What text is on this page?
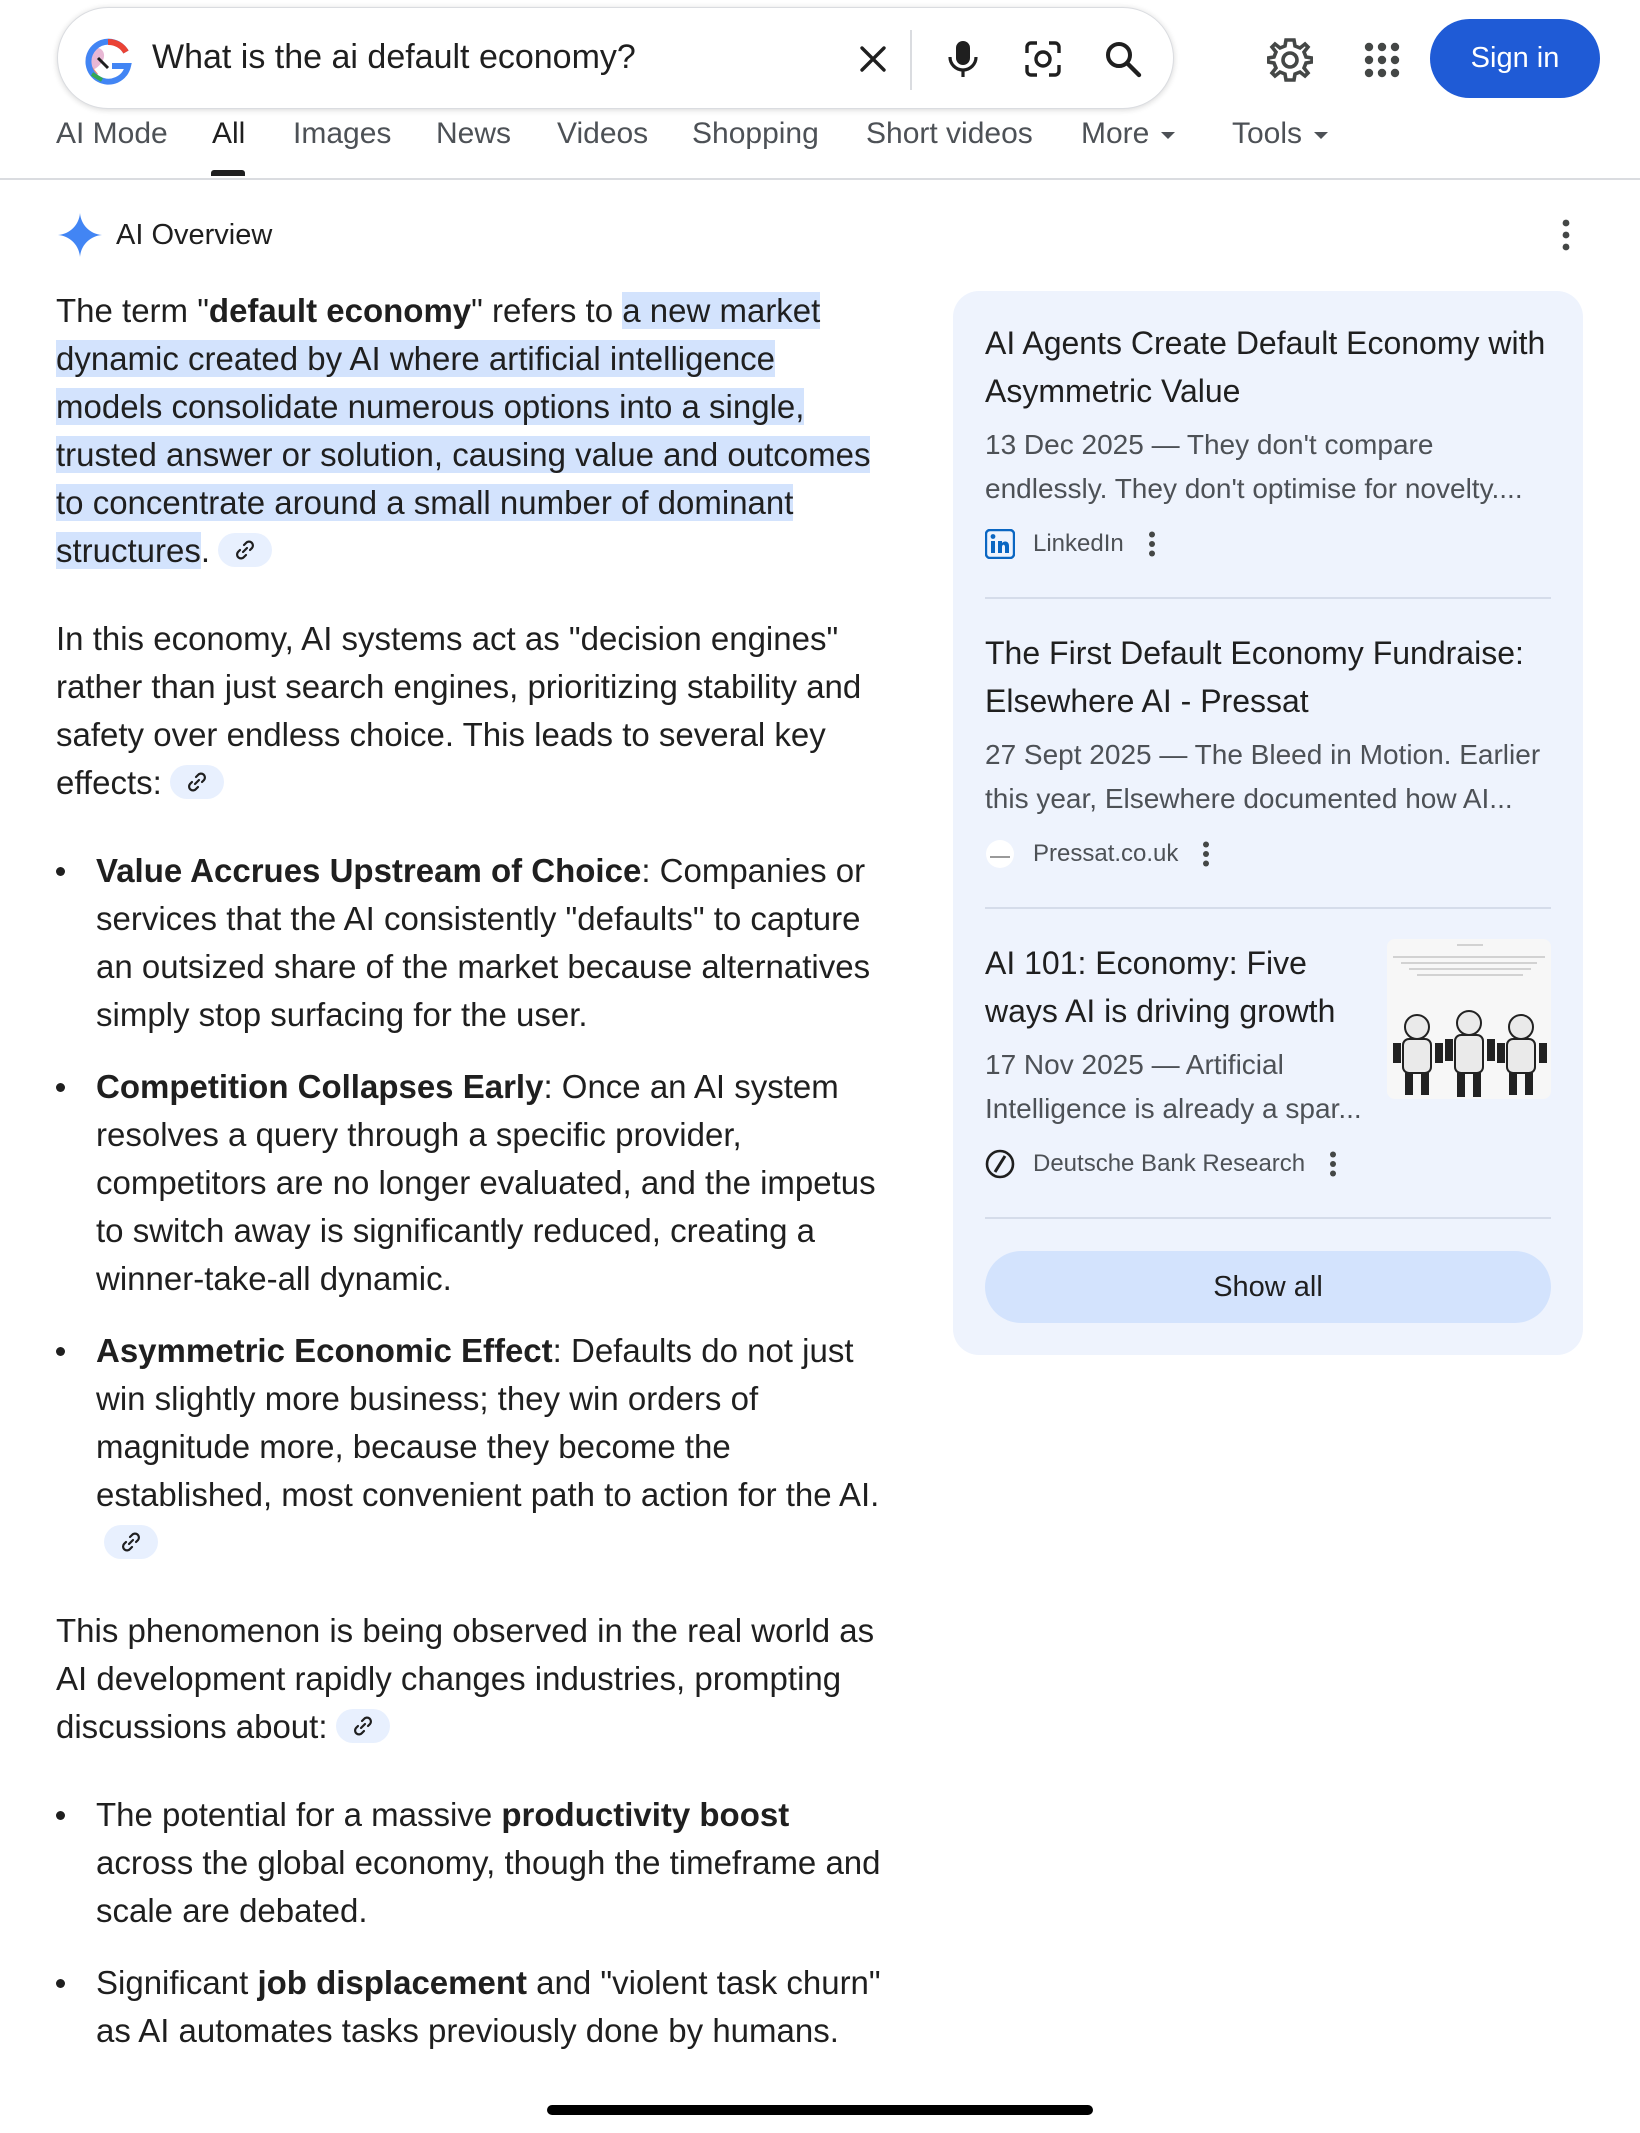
What is the ai default economy?	Sign in
AI Mode All Images News Videos Shopping Short videos More	Tools
AI Overview

The term "default economy" refers to a new market dynamic created by AI where artificial intelligence models consolidate numerous options into a single, trusted answer or solution, causing value and outcomes to concentrate around a small number of dominant structures.

In this economy, AI systems act as "decision engines" rather than just search engines, prioritizing stability and safety over endless choice. This leads to several key effects:

Value Accrues Upstream of Choice: Companies or services that the AI consistently "defaults" to capture an outsized share of the market because alternatives simply stop surfacing for the user.
Competition Collapses Early: Once an AI system resolves a query through a specific provider, competitors are no longer evaluated, and the impetus to switch away is significantly reduced, creating a winner-take-all dynamic.
Asymmetric Economic Effect: Defaults do not just win slightly more business; they win orders of magnitude more, because they become the established, most convenient path to action for the AI.

This phenomenon is being observed in the real world as AI development rapidly changes industries, prompting discussions about:

The potential for a massive productivity boost across the global economy, though the timeframe and scale are debated.
Significant job displacement and "violent task churn" as AI automates tasks previously done by humans.
AI Agents Create Default Economy with Asymmetric Value
13 Dec 2025 — They don't compare endlessly. They don't optimise for novelty....
LinkedIn
The First Default Economy Fundraise: Elsewhere AI - Pressat
27 Sept 2025 — The Bleed in Motion. Earlier this year, Elsewhere documented how AI...
Pressat.co.uk
AI 101: Economy: Five ways AI is driving growth
17 Nov 2025 — Artificial Intelligence is already a spar...
Deutsche Bank Research
Show all
